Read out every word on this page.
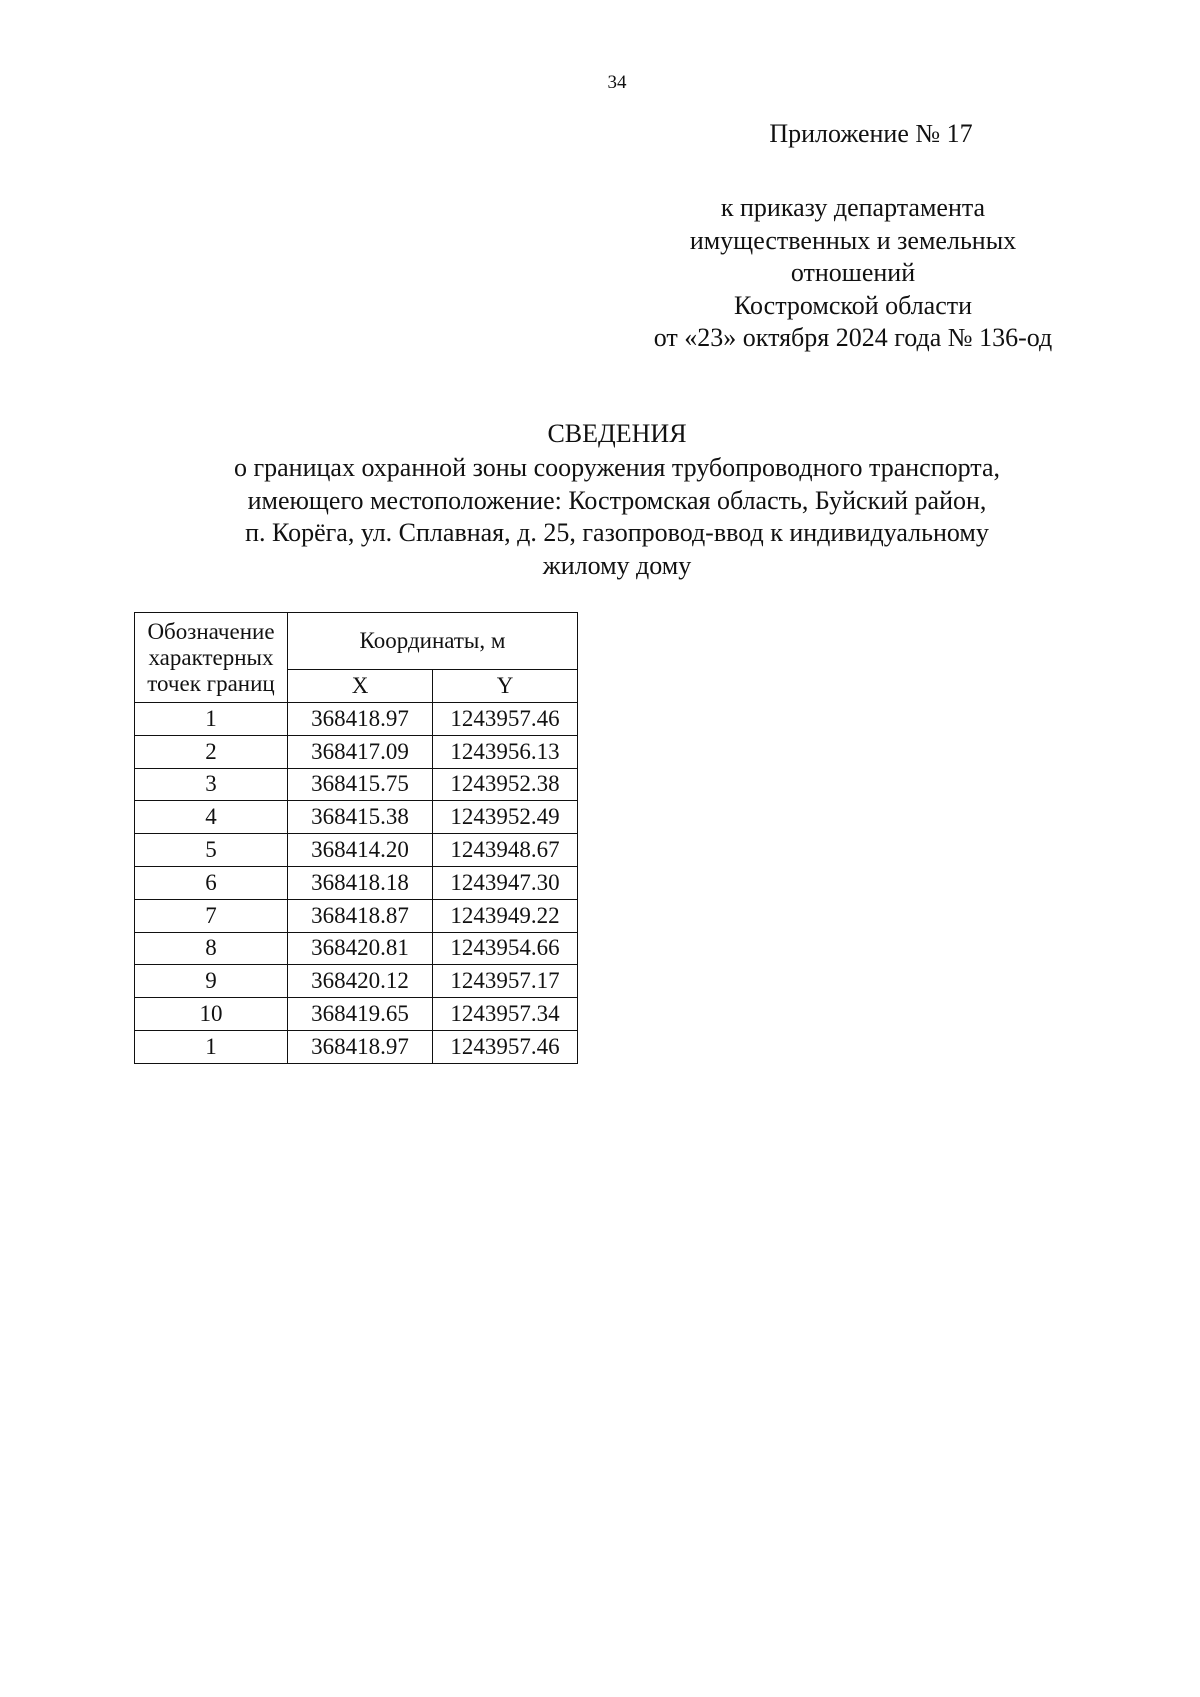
34
Приложение № 17
к приказу департамента
имущественных и земельных
отношений
Костромской области
от «23» октября 2024 года № 136-од
СВЕДЕНИЯ
о границах охранной зоны сооружения трубопроводного транспорта,
имеющего местоположение: Костромская область, Буйский район,
п. Корёга, ул. Сплавная, д. 25, газопровод-ввод к индивидуальному
жилому дому
Обозначение
характерных
точек границ	Координаты, м	
	X	Y
1	368418.97	1243957.46
2	368417.09	1243956.13
3	368415.75	1243952.38
4	368415.38	1243952.49
5	368414.20	1243948.67
6	368418.18	1243947.30
7	368418.87	1243949.22
8	368420.81	1243954.66
9	368420.12	1243957.17
10	368419.65	1243957.34
1	368418.97	1243957.46
